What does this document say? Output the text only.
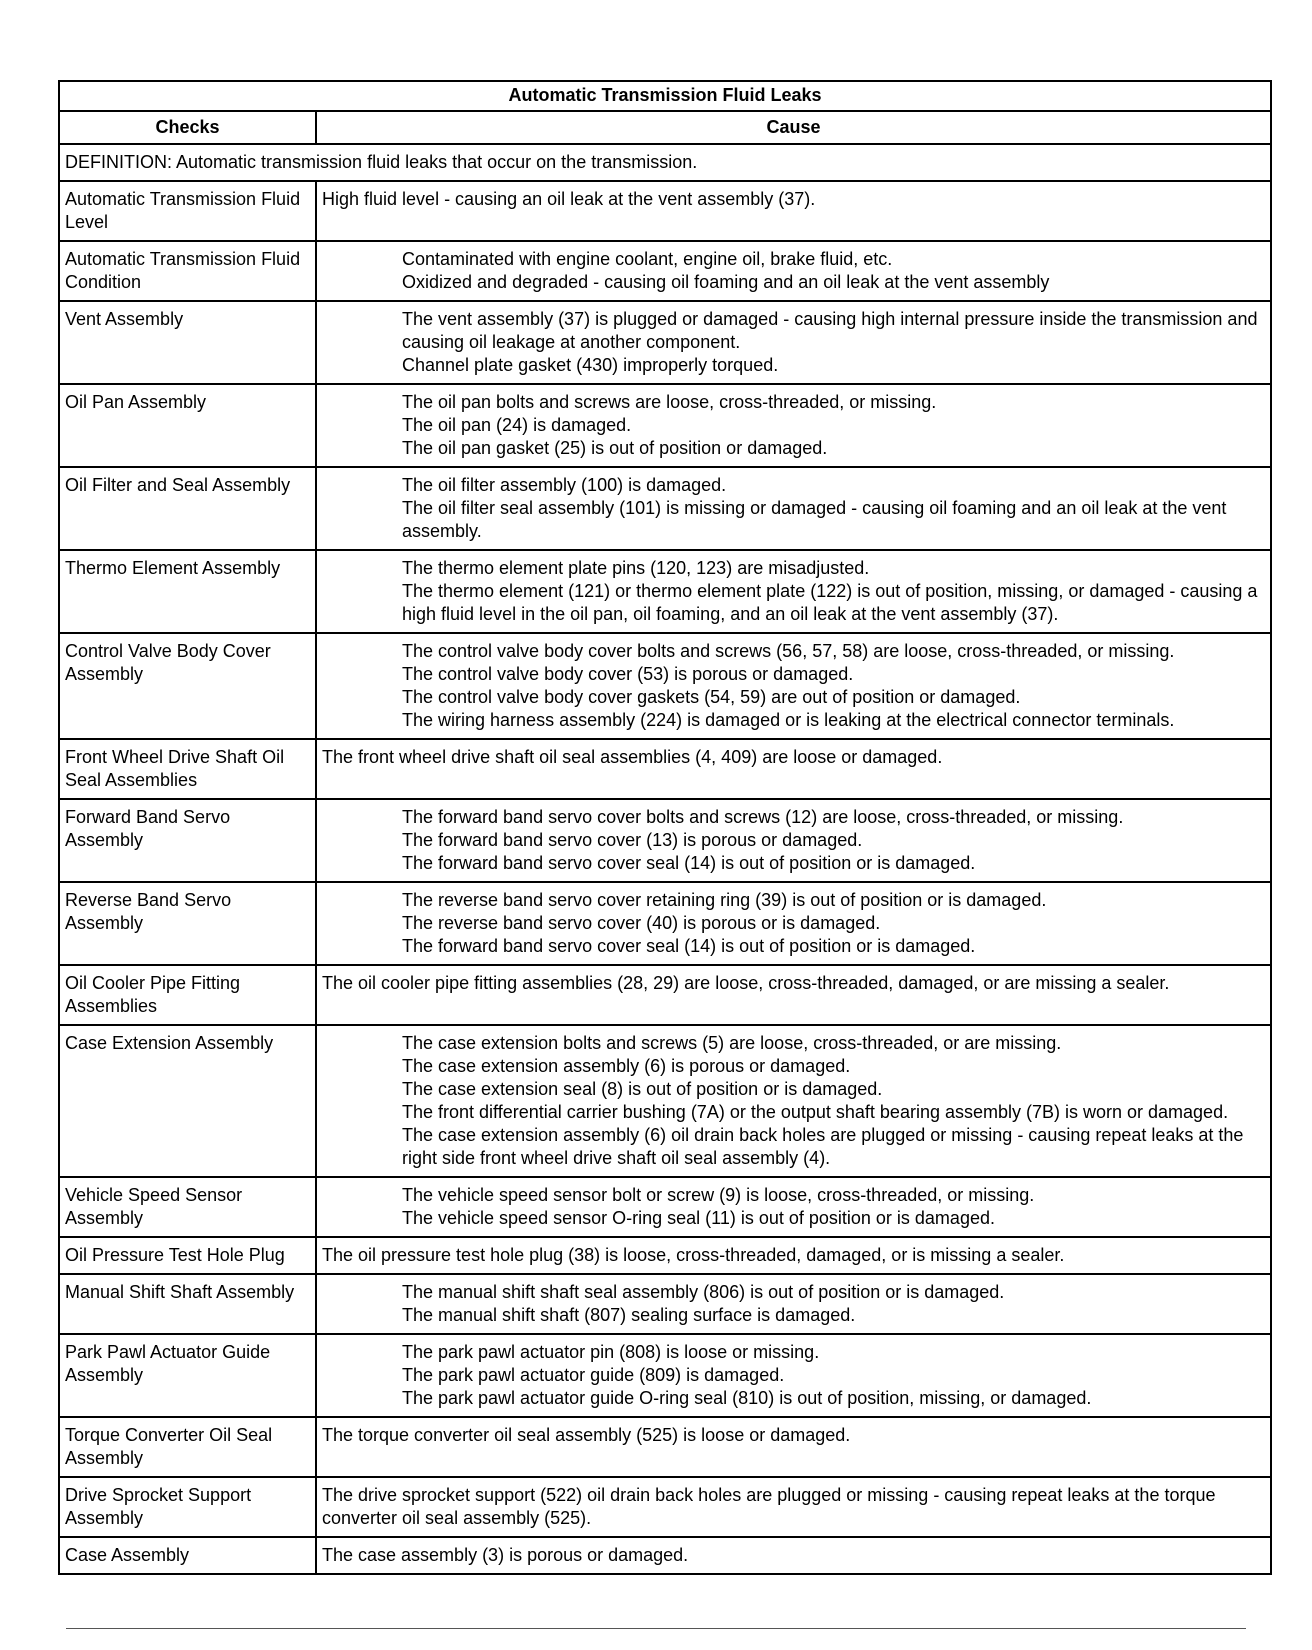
Automatic Transmission Fluid Leaks	
Checks	Cause
DEFINITION: Automatic transmission fluid leaks that occur on the transmission.	
Automatic Transmission Fluid Level	High fluid level - causing an oil leak at the vent assembly (37).

Automatic Transmission Fluid Condition	Contaminated with engine coolant, engine oil, brake fluid, etc.
Oxidized and degraded - causing oil foaming and an oil leak at the vent assembly

Vent Assembly	The vent assembly (37) is plugged or damaged - causing high internal pressure inside the transmission and causing oil leakage at another component.
Channel plate gasket (430) improperly torqued.

Oil Pan Assembly	The oil pan bolts and screws are loose, cross-threaded, or missing.
The oil pan (24) is damaged.
The oil pan gasket (25) is out of position or damaged.

Oil Filter and Seal Assembly	The oil filter assembly (100) is damaged.
The oil filter seal assembly (101) is missing or damaged - causing oil foaming and an oil leak at the vent assembly.

Thermo Element Assembly	The thermo element plate pins (120, 123) are misadjusted.
The thermo element (121) or thermo element plate (122) is out of position, missing, or damaged - causing a high fluid level in the oil pan, oil foaming, and an oil leak at the vent assembly (37).

Control Valve Body Cover Assembly	The control valve body cover bolts and screws (56, 57, 58) are loose, cross-threaded, or missing.
The control valve body cover (53) is porous or damaged.
The control valve body cover gaskets (54, 59) are out of position or damaged.
The wiring harness assembly (224) is damaged or is leaking at the electrical connector terminals.

Front Wheel Drive Shaft Oil Seal Assemblies	The front wheel drive shaft oil seal assemblies (4, 409) are loose or damaged.

Forward Band Servo Assembly	The forward band servo cover bolts and screws (12) are loose, cross-threaded, or missing.
The forward band servo cover (13) is porous or damaged.
The forward band servo cover seal (14) is out of position or is damaged.

Reverse Band Servo Assembly	The reverse band servo cover retaining ring (39) is out of position or is damaged.
The reverse band servo cover (40) is porous or is damaged.
The forward band servo cover seal (14) is out of position or is damaged.

Oil Cooler Pipe Fitting Assemblies	The oil cooler pipe fitting assemblies (28, 29) are loose, cross-threaded, damaged, or are missing a sealer.

Case Extension Assembly	The case extension bolts and screws (5) are loose, cross-threaded, or are missing.
The case extension assembly (6) is porous or damaged.
The case extension seal (8) is out of position or is damaged.
The front differential carrier bushing (7A) or the output shaft bearing assembly (7B) is worn or damaged.
The case extension assembly (6) oil drain back holes are plugged or missing - causing repeat leaks at the right side front wheel drive shaft oil seal assembly (4).

Vehicle Speed Sensor Assembly	The vehicle speed sensor bolt or screw (9) is loose, cross-threaded, or missing.
The vehicle speed sensor O-ring seal (11) is out of position or is damaged.

Oil Pressure Test Hole Plug	The oil pressure test hole plug (38) is loose, cross-threaded, damaged, or is missing a sealer.

Manual Shift Shaft Assembly	The manual shift shaft seal assembly (806) is out of position or is damaged.
The manual shift shaft (807) sealing surface is damaged.

Park Pawl Actuator Guide Assembly	The park pawl actuator pin (808) is loose or missing.
The park pawl actuator guide (809) is damaged.
The park pawl actuator guide O-ring seal (810) is out of position, missing, or damaged.

Torque Converter Oil Seal Assembly	The torque converter oil seal assembly (525) is loose or damaged.

Drive Sprocket Support Assembly	The drive sprocket support (522) oil drain back holes are plugged or missing - causing repeat leaks at the torque converter oil seal assembly (525).

Case Assembly	The case assembly (3) is porous or damaged.
